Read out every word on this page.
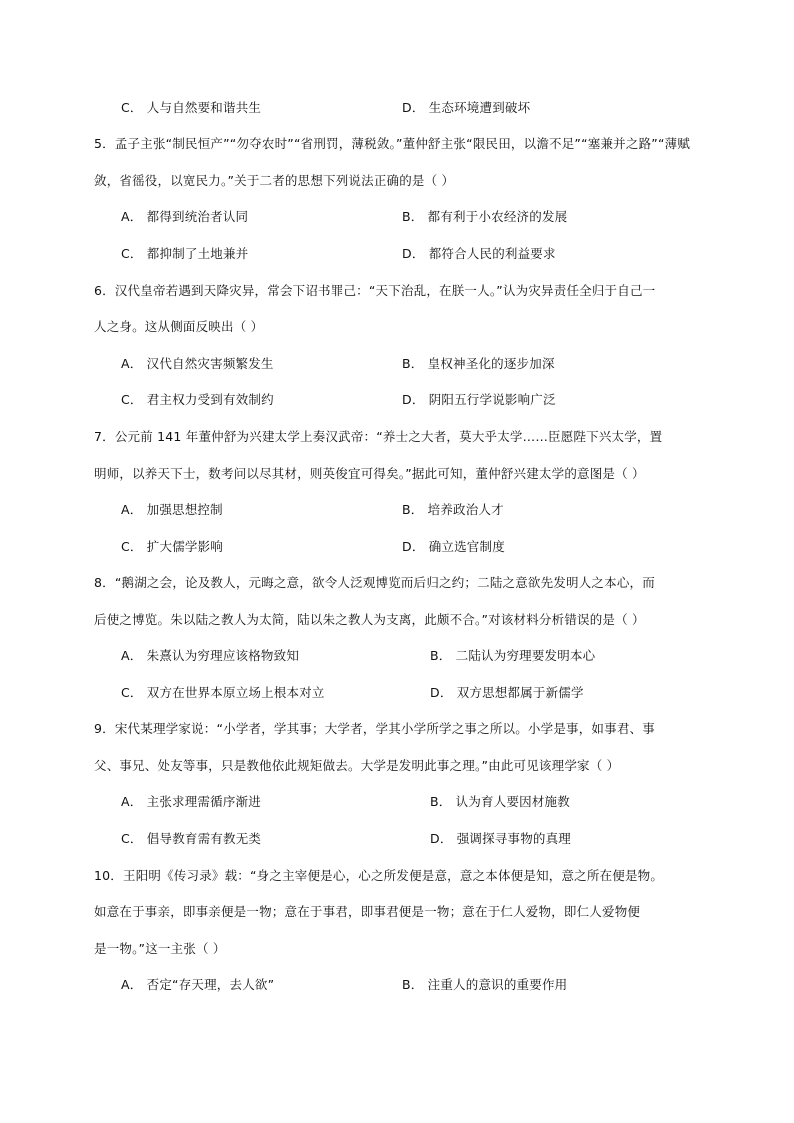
C． 人与自然要和谐共生	D． 生态环境遭到破坏
5．孟子主张“制民恒产”“勿夺农时”“省刑罚，薄税敛。”董仲舒主张“限民田，以澹不足”“塞兼并之路”“薄赋
敛，省徭役，以宽民力。”关于二者的思想下列说法正确的是（ ）
A． 都得到统治者认同	B． 都有利于小农经济的发展
C． 都抑制了土地兼并	D． 都符合人民的利益要求
6．汉代皇帝若遇到天降灾异，常会下诏书罪己：“天下治乱，在朕一人。”认为灾异责任全归于自己一
人之身。这从侧面反映出（ ）
A． 汉代自然灾害频繁发生	B． 皇权神圣化的逐步加深
C． 君主权力受到有效制约	D． 阴阳五行学说影响广泛
7．公元前 141 年董仲舒为兴建太学上奏汉武帝：“养士之大者，莫大乎太学……臣愿陛下兴太学，置
明师，以养天下士，数考问以尽其材，则英俊宜可得矣。”据此可知，董仲舒兴建太学的意图是（ ）
A． 加强思想控制	B． 培养政治人才
C． 扩大儒学影响	D． 确立选官制度
8．“鹅湖之会，论及教人，元晦之意，欲令人泛观博览而后归之约；二陆之意欲先发明人之本心，而
后使之博览。朱以陆之教人为太简，陆以朱之教人为支离，此颇不合。”对该材料分析错误的是（ ）
A． 朱熹认为穷理应该格物致知	B． 二陆认为穷理要发明本心
C． 双方在世界本原立场上根本对立	D． 双方思想都属于新儒学
9．宋代某理学家说：“小学者，学其事；大学者，学其小学所学之事之所以。小学是事，如事君、事
父、事兄、处友等事，只是教他依此规矩做去。大学是发明此事之理。”由此可见该理学家（ ）
A． 主张求理需循序渐进	B． 认为育人要因材施教
C． 倡导教育需有教无类	D． 强调探寻事物的真理
10．王阳明《传习录》载：“身之主宰便是心，心之所发便是意，意之本体便是知，意之所在便是物。
如意在于事亲，即事亲便是一物；意在于事君，即事君便是一物；意在于仁人爱物，即仁人爱物便
是一物。”这一主张（ ）
A． 否定“存天理，去人欲”	B． 注重人的意识的重要作用
